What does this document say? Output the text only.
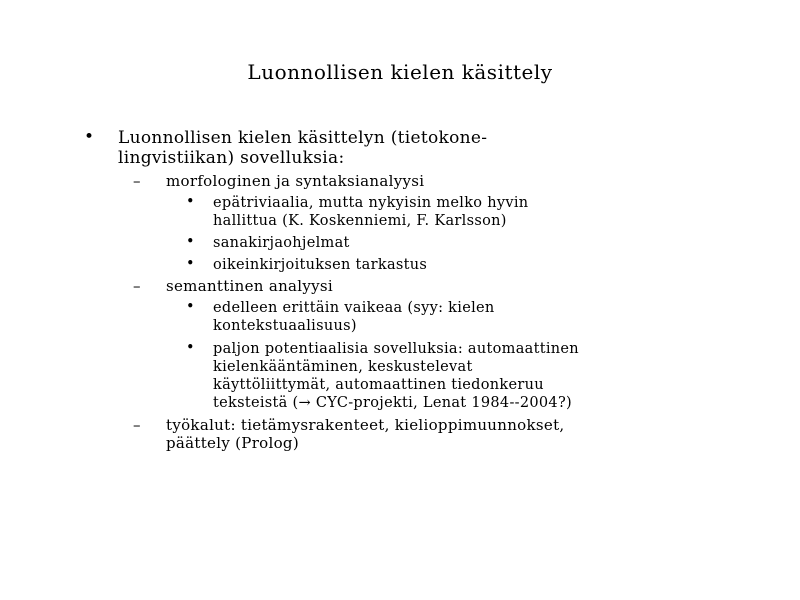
Luonnollisen kielen käsittely
• Luonnollisen kielen käsittelyn (tietokone-
lingvistiikan) sovelluksia:
– morfologinen ja syntaksianalyysi
• epätriviaalia, mutta nykyisin melko hyvin
hallittua (K. Koskenniemi, F. Karlsson)
• sanakirjaohjelmat
• oikeinkirjoituksen tarkastus
– semanttinen analyysi
• edelleen erittäin vaikeaa (syy: kielen
kontekstuaalisuus)
• paljon potentiaalisia sovelluksia: automaattinen
kielenkääntäminen, keskustelevat
käyttöliittymät, automaattinen tiedonkeruu
teksteistä (→ CYC-projekti, Lenat 1984--2004?)
– työkalut: tietämysrakenteet, kielioppimuunnokset,
päättely (Prolog)
